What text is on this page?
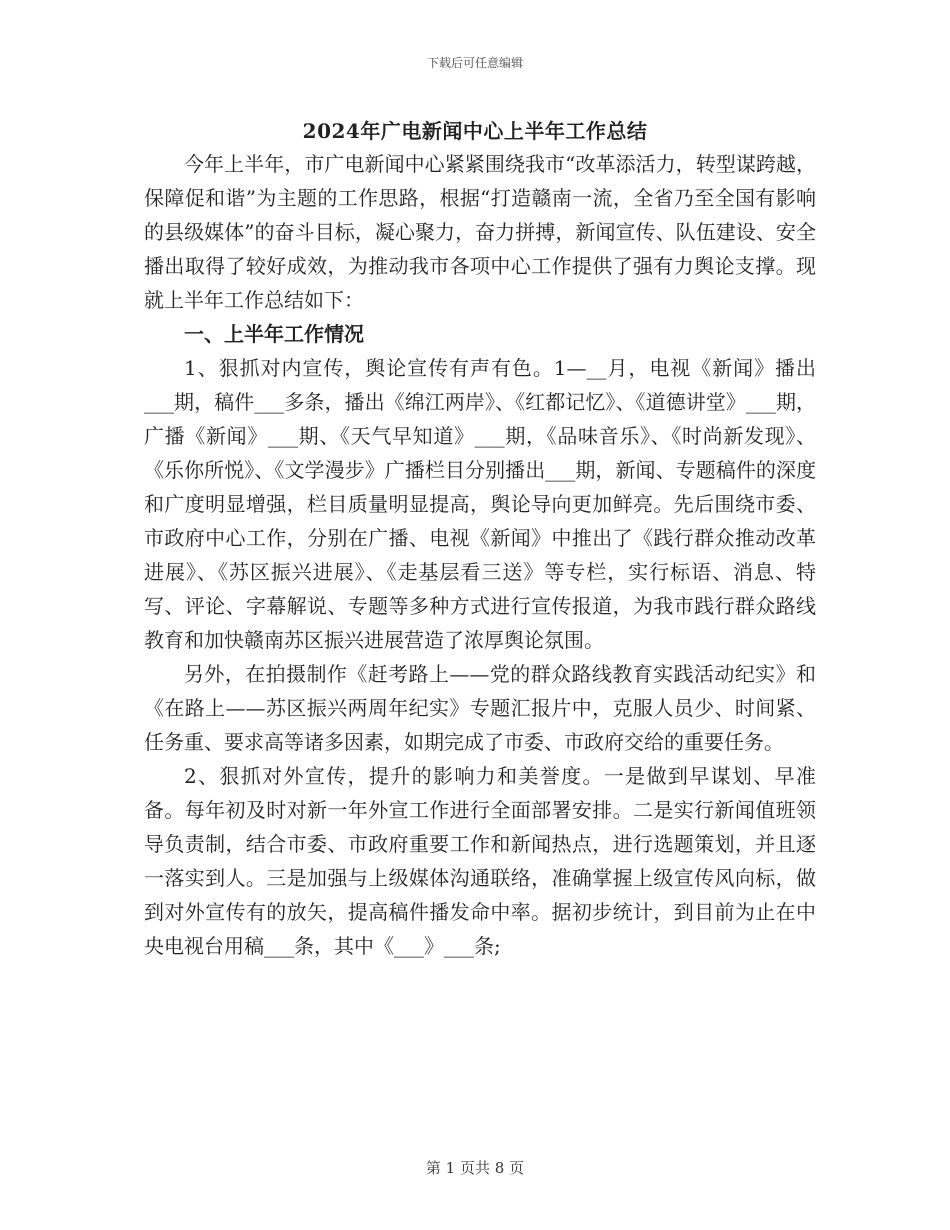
下载后可任意编辑
2024年广电新闻中心上半年工作总结

今年上半年，市广电新闻中心紧紧围绕我市“改革添活力，转型谋跨越，保障促和谐”为主题的工作思路，根据“打造赣南一流，全省乃至全国有影响的县级媒体”的奋斗目标，凝心聚力，奋力拼搏，新闻宣传、队伍建设、安全播出取得了较好成效，为推动我市各项中心工作提供了强有力舆论支撑。现就上半年工作总结如下：

一、上半年工作情况

1、狠抓对内宣传，舆论宣传有声有色。1—__月，电视《新闻》播出___期，稿件___多条，播出《绵江两岸》、《红都记忆》、《道德讲堂》___期，广播《新闻》___期、《天气早知道》___期，《品味音乐》、《时尚新发现》、《乐你所悦》、《文学漫步》广播栏目分别播出___期，新闻、专题稿件的深度和广度明显增强，栏目质量明显提高，舆论导向更加鲜亮。先后围绕市委、市政府中心工作，分别在广播、电视《新闻》中推出了《践行群众推动改革进展》、《苏区振兴进展》、《走基层看三送》等专栏，实行标语、消息、特写、评论、字幕解说、专题等多种方式进行宣传报道，为我市践行群众路线教育和加快赣南苏区振兴进展营造了浓厚舆论氛围。

另外，在拍摄制作《赶考路上——党的群众路线教育实践活动纪实》和《在路上——苏区振兴两周年纪实》专题汇报片中，克服人员少、时间紧、任务重、要求高等诸多因素，如期完成了市委、市政府交给的重要任务。

2、狠抓对外宣传，提升的影响力和美誉度。一是做到早谋划、早准备。每年初及时对新一年外宣工作进行全面部署安排。二是实行新闻值班领导负责制，结合市委、市政府重要工作和新闻热点，进行选题策划，并且逐一落实到人。三是加强与上级媒体沟通联络，准确掌握上级宣传风向标，做到对外宣传有的放矢，提高稿件播发命中率。据初步统计，到目前为止在中央电视台用稿___条，其中《___》___条;

第 1 页共 8 页
